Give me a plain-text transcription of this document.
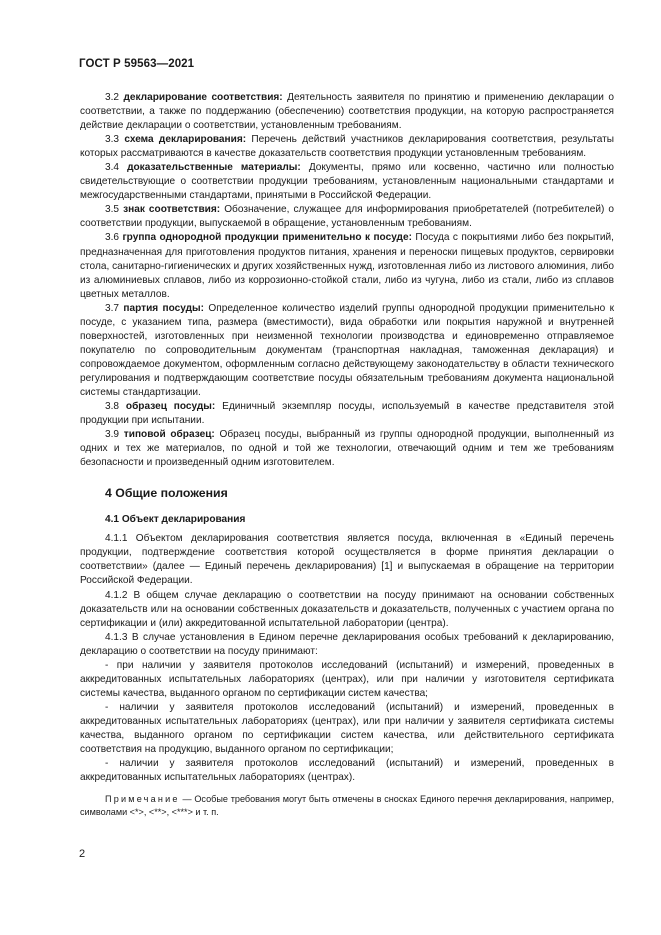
ГОСТ Р 59563—2021

3.2 декларирование соответствия: Деятельность заявителя по принятию и применению декларации о соответствии, а также по поддержанию (обеспечению) соответствия продукции, на которую распространяется действие декларации о соответствии, установленным требованиям.

3.3 схема декларирования: Перечень действий участников декларирования соответствия, результаты которых рассматриваются в качестве доказательств соответствия продукции установленным требованиям.

3.4 доказательственные материалы: Документы, прямо или косвенно, частично или полностью свидетельствующие о соответствии продукции требованиям, установленным национальными стандартами и межгосударственными стандартами, принятыми в Российской Федерации.

3.5 знак соответствия: Обозначение, служащее для информирования приобретателей (потребителей) о соответствии продукции, выпускаемой в обращение, установленным требованиям.

3.6 группа однородной продукции применительно к посуде: Посуда с покрытиями либо без покрытий, предназначенная для приготовления продуктов питания, хранения и переноски пищевых продуктов, сервировки стола, санитарно-гигиенических и других хозяйственных нужд, изготовленная либо из листового алюминия, либо из алюминиевых сплавов, либо из коррозионно-стойкой стали, либо из чугуна, либо из стали, либо из сплавов цветных металлов.

3.7 партия посуды: Определенное количество изделий группы однородной продукции применительно к посуде, с указанием типа, размера (вместимости), вида обработки или покрытия наружной и внутренней поверхностей, изготовленных при неизменной технологии производства и единовременно отправляемое покупателю по сопроводительным документам (транспортная накладная, таможенная декларация) и сопровождаемое документом, оформленным согласно действующему законодательству в области технического регулирования и подтверждающим соответствие посуды обязательным требованиям документа национальной системы стандартизации.

3.8 образец посуды: Единичный экземпляр посуды, используемый в качестве представителя этой продукции при испытании.

3.9 типовой образец: Образец посуды, выбранный из группы однородной продукции, выполненный из одних и тех же материалов, по одной и той же технологии, отвечающий одним и тем же требованиям безопасности и произведенный одним изготовителем.

4 Общие положения
4.1 Объект декларирования

4.1.1 Объектом декларирования соответствия является посуда, включенная в «Единый перечень продукции, подтверждение соответствия которой осуществляется в форме принятия декларации о соответствии» (далее — Единый перечень декларирования) [1] и выпускаемая в обращение на территории Российской Федерации.

4.1.2 В общем случае декларацию о соответствии на посуду принимают на основании собственных доказательств или на основании собственных доказательств и доказательств, полученных с участием органа по сертификации и (или) аккредитованной испытательной лаборатории (центра).

4.1.3 В случае установления в Едином перечне декларирования особых требований к декларированию, декларацию о соответствии на посуду принимают:

- при наличии у заявителя протоколов исследований (испытаний) и измерений, проведенных в аккредитованных испытательных лабораториях (центрах), или при наличии у изготовителя сертификата системы качества, выданного органом по сертификации систем качества;

- наличии у заявителя протоколов исследований (испытаний) и измерений, проведенных в аккредитованных испытательных лабораториях (центрах), или при наличии у заявителя сертификата системы качества, выданного органом по сертификации систем качества, или действительного сертификата соответствия на продукцию, выданного органом по сертификации;

- наличии у заявителя протоколов исследований (испытаний) и измерений, проведенных в аккредитованных испытательных лабораториях (центрах).

Примечание — Особые требования могут быть отмечены в сносках Единого перечня декларирования, например, символами <*>, <**>, <***> и т. п.

2
